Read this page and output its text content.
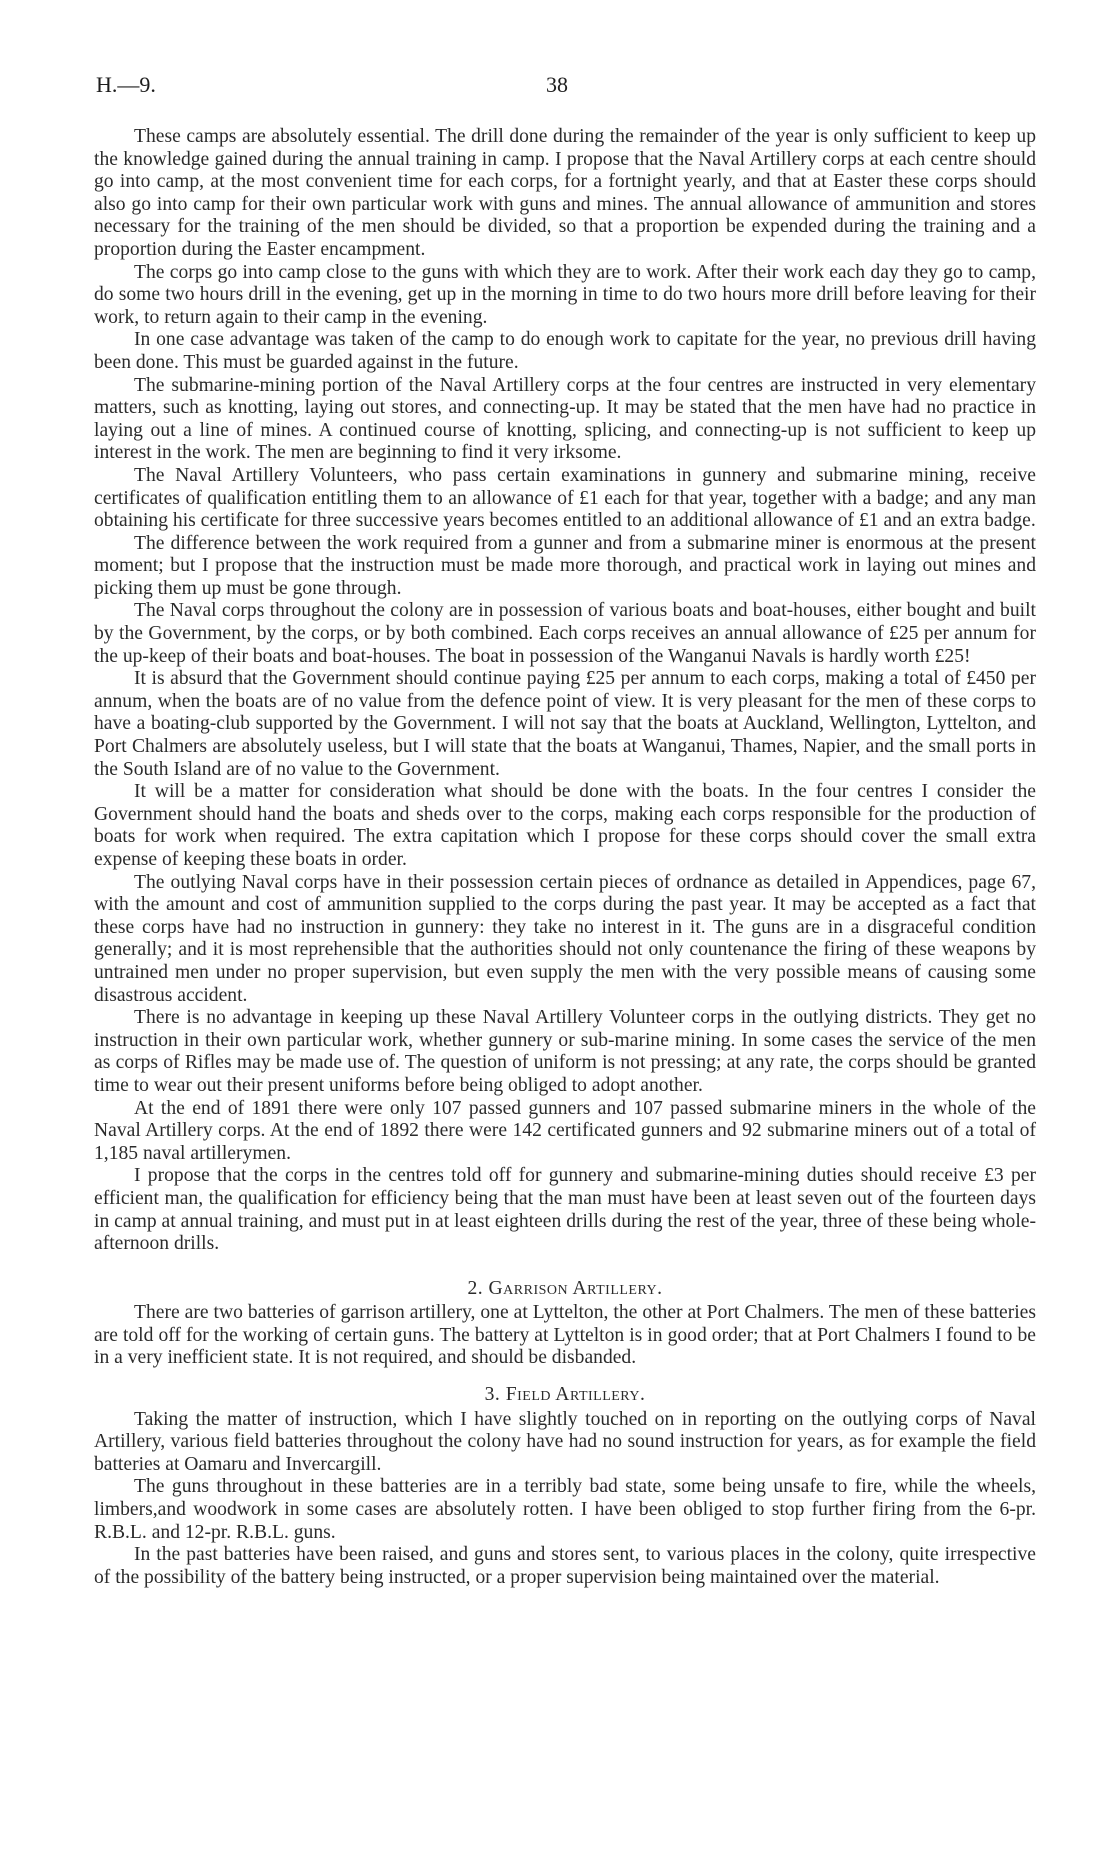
H.—9.	38

These camps are absolutely essential. The drill done during the remainder of the year is only sufficient to keep up the knowledge gained during the annual training in camp. I propose that the Naval Artillery corps at each centre should go into camp, at the most convenient time for each corps, for a fortnight yearly, and that at Easter these corps should also go into camp for their own particular work with guns and mines. The annual allowance of ammunition and stores necessary for the training of the men should be divided, so that a proportion be expended during the training and a proportion during the Easter encampment.

The corps go into camp close to the guns with which they are to work. After their work each day they go to camp, do some two hours drill in the evening, get up in the morning in time to do two hours more drill before leaving for their work, to return again to their camp in the evening.

In one case advantage was taken of the camp to do enough work to capitate for the year, no previous drill having been done. This must be guarded against in the future.

The submarine-mining portion of the Naval Artillery corps at the four centres are instructed in very elementary matters, such as knotting, laying out stores, and connecting-up. It may be stated that the men have had no practice in laying out a line of mines. A continued course of knotting, splicing, and connecting-up is not sufficient to keep up interest in the work. The men are beginning to find it very irksome.

The Naval Artillery Volunteers, who pass certain examinations in gunnery and submarine mining, receive certificates of qualification entitling them to an allowance of £1 each for that year, together with a badge; and any man obtaining his certificate for three successive years becomes entitled to an additional allowance of £1 and an extra badge.

The difference between the work required from a gunner and from a submarine miner is enormous at the present moment; but I propose that the instruction must be made more thorough, and practical work in laying out mines and picking them up must be gone through.

The Naval corps throughout the colony are in possession of various boats and boat-houses, either bought and built by the Government, by the corps, or by both combined. Each corps receives an annual allowance of £25 per annum for the up-keep of their boats and boat-houses. The boat in possession of the Wanganui Navals is hardly worth £25!

It is absurd that the Government should continue paying £25 per annum to each corps, making a total of £450 per annum, when the boats are of no value from the defence point of view. It is very pleasant for the men of these corps to have a boating-club supported by the Government. I will not say that the boats at Auckland, Wellington, Lyttelton, and Port Chalmers are absolutely useless, but I will state that the boats at Wanganui, Thames, Napier, and the small ports in the South Island are of no value to the Government.

It will be a matter for consideration what should be done with the boats. In the four centres I consider the Government should hand the boats and sheds over to the corps, making each corps responsible for the production of boats for work when required. The extra capitation which I propose for these corps should cover the small extra expense of keeping these boats in order.

The outlying Naval corps have in their possession certain pieces of ordnance as detailed in Appendices, page 67, with the amount and cost of ammunition supplied to the corps during the past year. It may be accepted as a fact that these corps have had no instruction in gunnery: they take no interest in it. The guns are in a disgraceful condition generally; and it is most reprehensible that the authorities should not only countenance the firing of these weapons by untrained men under no proper supervision, but even supply the men with the very possible means of causing some disastrous accident.

There is no advantage in keeping up these Naval Artillery Volunteer corps in the outlying districts. They get no instruction in their own particular work, whether gunnery or sub-marine mining. In some cases the service of the men as corps of Rifles may be made use of. The question of uniform is not pressing; at any rate, the corps should be granted time to wear out their present uniforms before being obliged to adopt another.

At the end of 1891 there were only 107 passed gunners and 107 passed submarine miners in the whole of the Naval Artillery corps. At the end of 1892 there were 142 certificated gunners and 92 submarine miners out of a total of 1,185 naval artillerymen.

I propose that the corps in the centres told off for gunnery and submarine-mining duties should receive £3 per efficient man, the qualification for efficiency being that the man must have been at least seven out of the fourteen days in camp at annual training, and must put in at least eighteen drills during the rest of the year, three of these being whole-afternoon drills.

2. Garrison Artillery.

There are two batteries of garrison artillery, one at Lyttelton, the other at Port Chalmers. The men of these batteries are told off for the working of certain guns. The battery at Lyttelton is in good order; that at Port Chalmers I found to be in a very inefficient state. It is not required, and should be disbanded.

3. Field Artillery.

Taking the matter of instruction, which I have slightly touched on in reporting on the outlying corps of Naval Artillery, various field batteries throughout the colony have had no sound instruction for years, as for example the field batteries at Oamaru and Invercargill.

The guns throughout in these batteries are in a terribly bad state, some being unsafe to fire, while the wheels, limbers,and woodwork in some cases are absolutely rotten. I have been obliged to stop further firing from the 6-pr. R.B.L. and 12-pr. R.B.L. guns.

In the past batteries have been raised, and guns and stores sent, to various places in the colony, quite irrespective of the possibility of the battery being instructed, or a proper supervision being maintained over the material.
